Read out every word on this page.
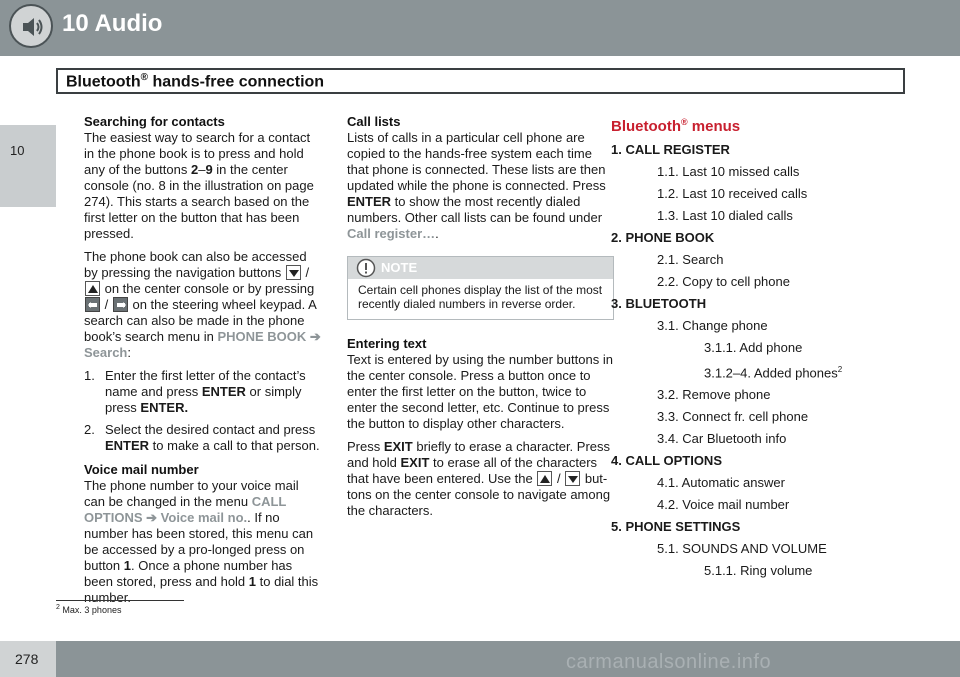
10 Audio
10
Bluetooth® hands-free connection
Searching for contacts

The easiest way to search for a contact in the phone book is to press and hold any of the buttons 2–9 in the center console (no. 8 in the illustration on page 274). This starts a search based on the first letter on the button that has been pressed.

The phone book can also be accessed by pressing the navigation buttons
/
on the center console or by pressing
/
on the steering wheel keypad. A search can also be made in the phone book’s search menu in PHONE BOOK ➔ Search:

1. Enter the first letter of the contact’s name and press ENTER or simply press ENTER.
2. Select the desired contact and press ENTER to make a call to that person.
Voice mail number

The phone number to your voice mail can be changed in the menu CALL OPTIONS ➔ Voice mail no.. If no number has been stored, this menu can be accessed by a pro-longed press on button 1. Once a phone number has been stored, press and hold 1 to dial this number.

Call lists

Lists of calls in a particular cell phone are copied to the hands-free system each time that phone is connected. These lists are then updated while the phone is connected. Press ENTER to show the most recently dialed numbers. Other call lists can be found under Call register….

NOTE
Certain cell phones display the list of the most recently dialed numbers in reverse order.
Entering text

Text is entered by using the number buttons in the center console. Press a button once to enter the first letter on the button, twice to enter the second letter, etc. Continue to press the button to display other characters.

Press EXIT briefly to erase a character. Press and hold EXIT to erase all of the characters that have been entered. Use the
/
but-tons on the center console to navigate among the characters.

Bluetooth® menus
1. CALL REGISTER
1.1. Last 10 missed calls
1.2. Last 10 received calls
1.3. Last 10 dialed calls
2. PHONE BOOK
2.1. Search
2.2. Copy to cell phone
3. BLUETOOTH
3.1. Change phone
3.1.1. Add phone
3.1.2–4. Added phones$^2$
3.2. Remove phone
3.3. Connect fr. cell phone
3.4. Car Bluetooth info
4. CALL OPTIONS
4.1. Automatic answer
4.2. Voice mail number
5. PHONE SETTINGS
5.1. SOUNDS AND VOLUME
5.1.1. Ring volume
$^2$ Max. 3 phones
278	carmanualsonline.info
